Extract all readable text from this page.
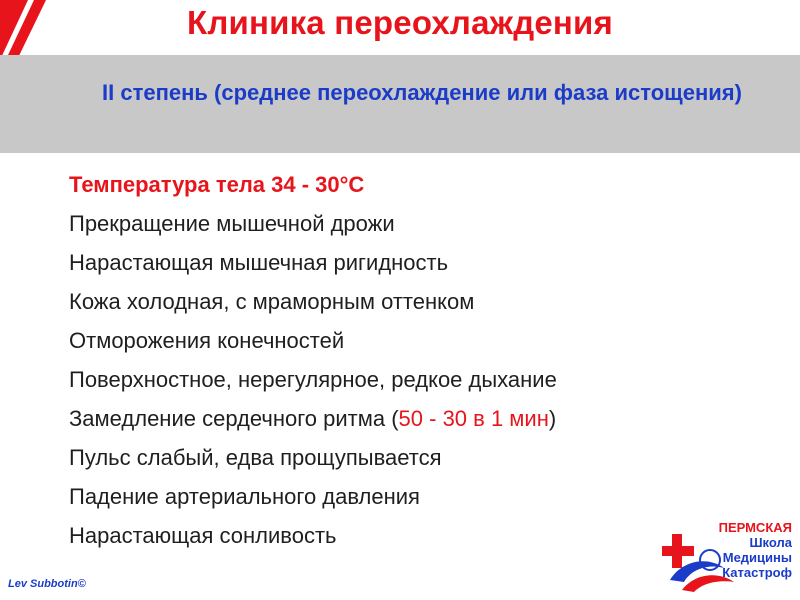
Клиника переохлаждения
II степень (среднее переохлаждение или фаза истощения)
Температура тела 34 - 30°С
Прекращение мышечной дрожи
Нарастающая мышечная ригидность
Кожа холодная, с мраморным оттенком
Отморожения конечностей
Поверхностное, нерегулярное, редкое дыхание
Замедление сердечного ритма (50 - 30 в 1 мин)
Пульс слабый, едва прощупывается
Падение артериального давления
Нарастающая сонливость
Lev Subbotin©
ПЕРМСКАЯ
Школа
Медицины
Катастроф
